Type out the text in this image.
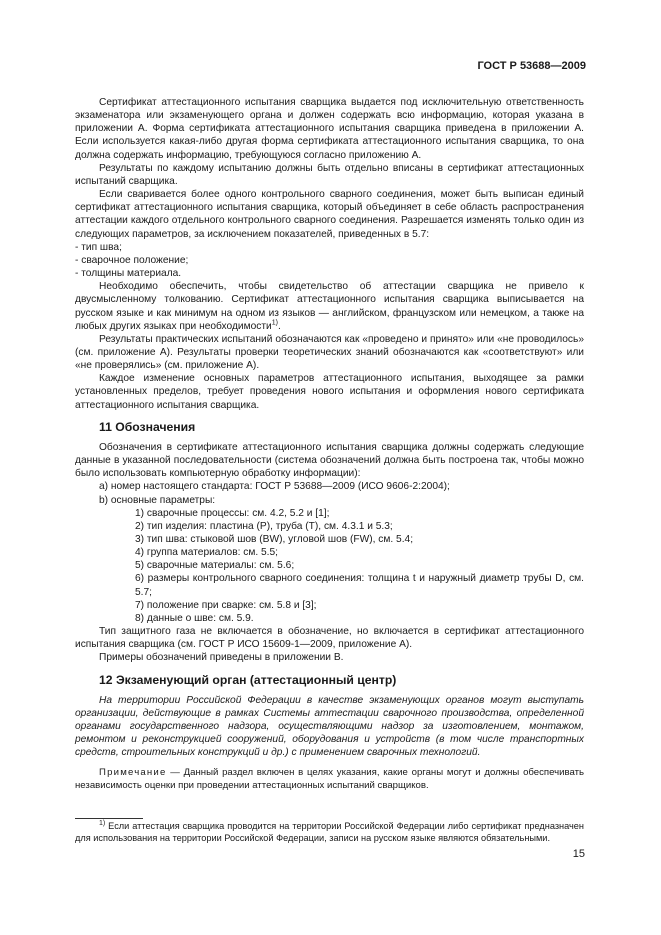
ГОСТ Р 53688—2009

Сертификат аттестационного испытания сварщика выдается под исключительную ответственность экзаменатора или экзаменующего органа и должен содержать всю информацию, которая указана в приложении А. Форма сертификата аттестационного испытания сварщика приведена в приложении А. Если используется какая-либо другая форма сертификата аттестационного испытания сварщика, то она должна содержать информацию, требующуюся согласно приложению А.

Результаты по каждому испытанию должны быть отдельно вписаны в сертификат аттестационных испытаний сварщика.

Если сваривается более одного контрольного сварного соединения, может быть выписан единый сертификат аттестационного испытания сварщика, который объединяет в себе область распространения аттестации каждого отдельного контрольного сварного соединения. Разрешается изменять только один из следующих параметров, за исключением показателей, приведенных в 5.7:

- тип шва;

- сварочное положение;

- толщины материала.

Необходимо обеспечить, чтобы свидетельство об аттестации сварщика не привело к двусмысленному толкованию. Сертификат аттестационного испытания сварщика выписывается на русском языке и как минимум на одном из языков — английском, французском или немецком, а также на любых других языках при необходимости$^{1)}$.

Результаты практических испытаний обозначаются как «проведено и принято» или «не проводилось» (см. приложение А). Результаты проверки теоретических знаний обозначаются как «соответствуют» или «не проверялись» (см. приложение А).

Каждое изменение основных параметров аттестационного испытания, выходящее за рамки установленных пределов, требует проведения нового испытания и оформления нового сертификата аттестационного испытания сварщика.

11 Обозначения

Обозначения в сертификате аттестационного испытания сварщика должны содержать следующие данные в указанной последовательности (система обозначений должна быть построена так, чтобы можно было использовать компьютерную обработку информации):

а) номер настоящего стандарта: ГОСТ Р 53688—2009 (ИСО 9606-2:2004);

b) основные параметры:

1) сварочные процессы: см. 4.2, 5.2 и [1];

2) тип изделия: пластина (P), труба (T), см. 4.3.1 и 5.3;

3) тип шва: стыковой шов (BW), угловой шов (FW), см. 5.4;

4) группа материалов: см. 5.5;

5) сварочные материалы: см. 5.6;

6) размеры контрольного сварного соединения: толщина t и наружный диаметр трубы D, см. 5.7;

7) положение при сварке: см. 5.8 и [3];

8) данные о шве: см. 5.9.

Тип защитного газа не включается в обозначение, но включается в сертификат аттестационного испытания сварщика (см. ГОСТ Р ИСО 15609-1—2009, приложение А).

Примеры обозначений приведены в приложении В.

12 Экзаменующий орган (аттестационный центр)

На территории Российской Федерации в качестве экзаменующих органов могут выступать организации, действующие в рамках Системы аттестации сварочного производства, определенной органами государственного надзора, осуществляющими надзор за изготовлением, монтажом, ремонтом и реконструкцией сооружений, оборудования и устройств (в том числе транспортных средств, строительных конструкций и др.) с применением сварочных технологий.

Примечание — Данный раздел включен в целях указания, какие органы могут и должны обеспечивать независимость оценки при проведении аттестационных испытаний сварщиков.

$^{1)}$ Если аттестация сварщика проводится на территории Российской Федерации либо сертификат предназначен для использования на территории Российской Федерации, записи на русском языке являются обязательными.
15
